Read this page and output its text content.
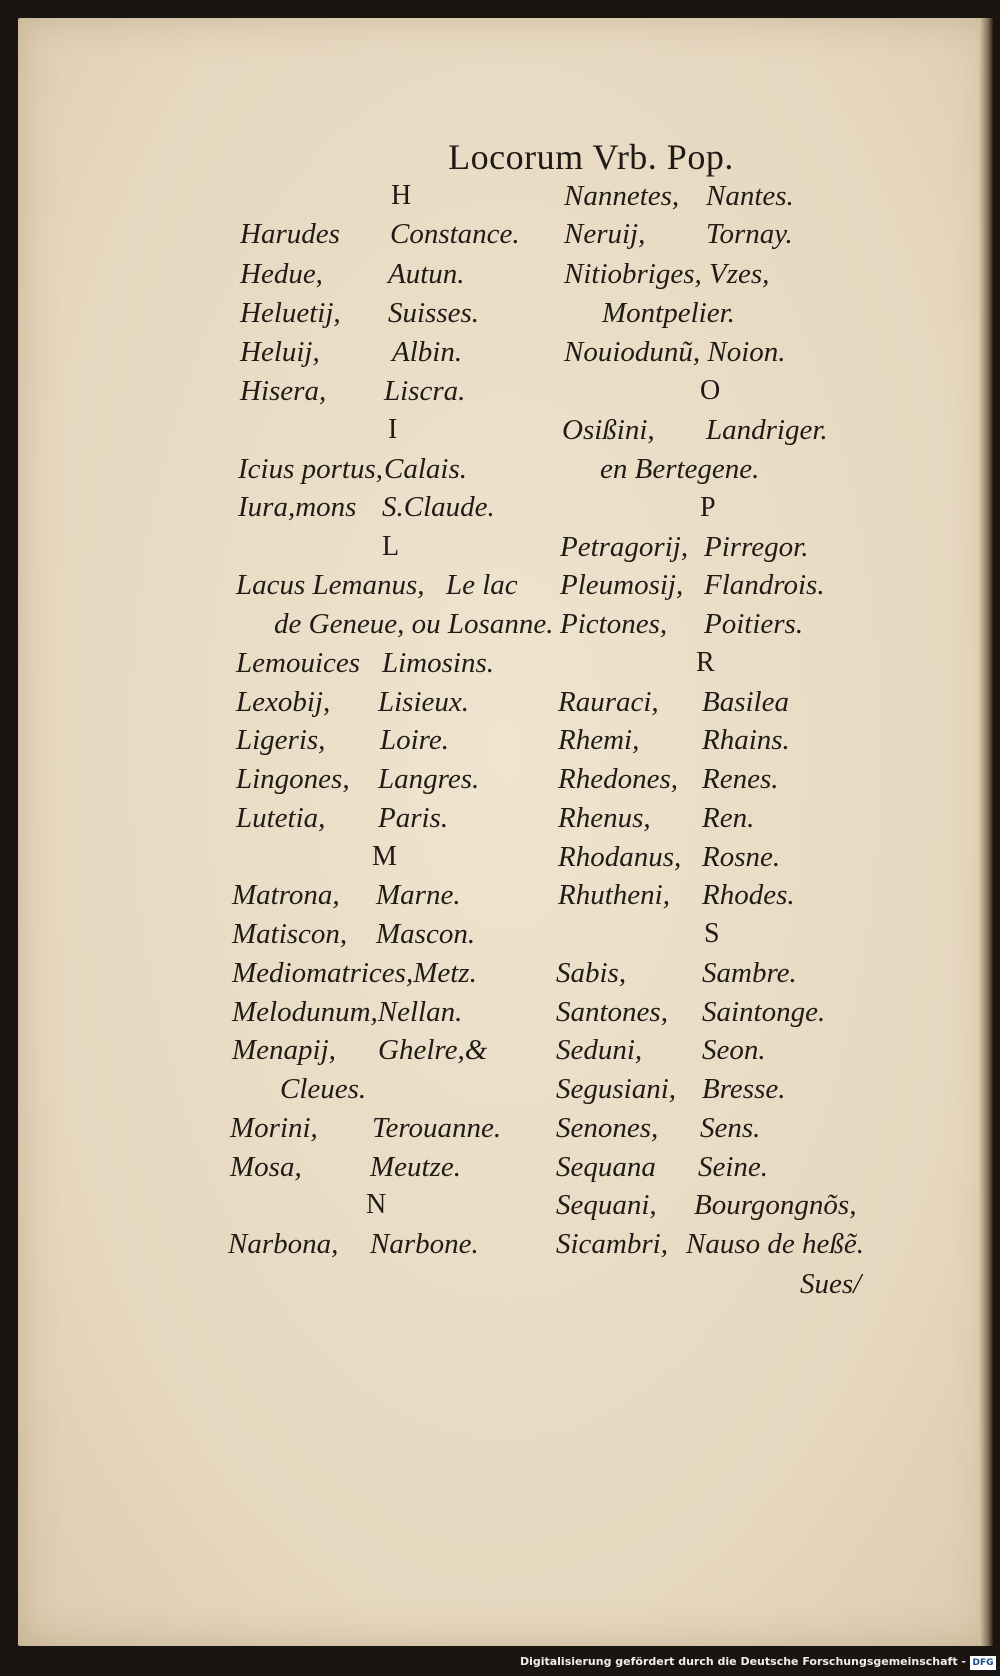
Locorum Vrb. Pop.
H
Harudes Constance.
Hedue, Autun.
Heluetij, Suisses.
Heluij, Albin.
Hisera, Liscra.
I
Icius portus, Calais.
Iura,mons S.Claude.
L
Lacus Lemanus, Le lac
de Geneue, ou Losanne.
Lemouices Limosins.
Lexobij, Lisieux.
Ligeris, Loire.
Lingones, Langres.
Lutetia, Paris.
M
Matrona, Marne.
Matiscon, Mascon.
Mediomatrices,Metz.
Melodunum,Nellan.
Menapij, Ghelre,&
Cleues.
Morini, Terouanne.
Mosa, Meutze.
N
Narbona, Narbone.
Nannetes, Nantes.
Neruij, Tornay.
Nitiobriges, Vzes,
Montpelier.
Nouiodunũ, Noion.
O
Osißini, Landriger.
en Bertegene.
P
Petragorij, Pirregor.
Pleumosij, Flandrois.
Pictones, Poitiers.
R
Rauraci, Basilea
Rhemi, Rhains.
Rhedones, Renes.
Rhenus, Ren.
Rhodanus, Rosne.
Rhutheni, Rhodes.
S
Sabis,	Sambre.
Santones, Saintonge.
Seduni, Seon.
Segusiani, Bresse.
Senones, Sens.
Sequana Seine.
Sequani, Bourgongnõs,
Sicambri, Nauso de heßẽ.
Sues/
Digitalisierung gefördert durch die Deutsche Forschungsgemeinschaft - DFG
